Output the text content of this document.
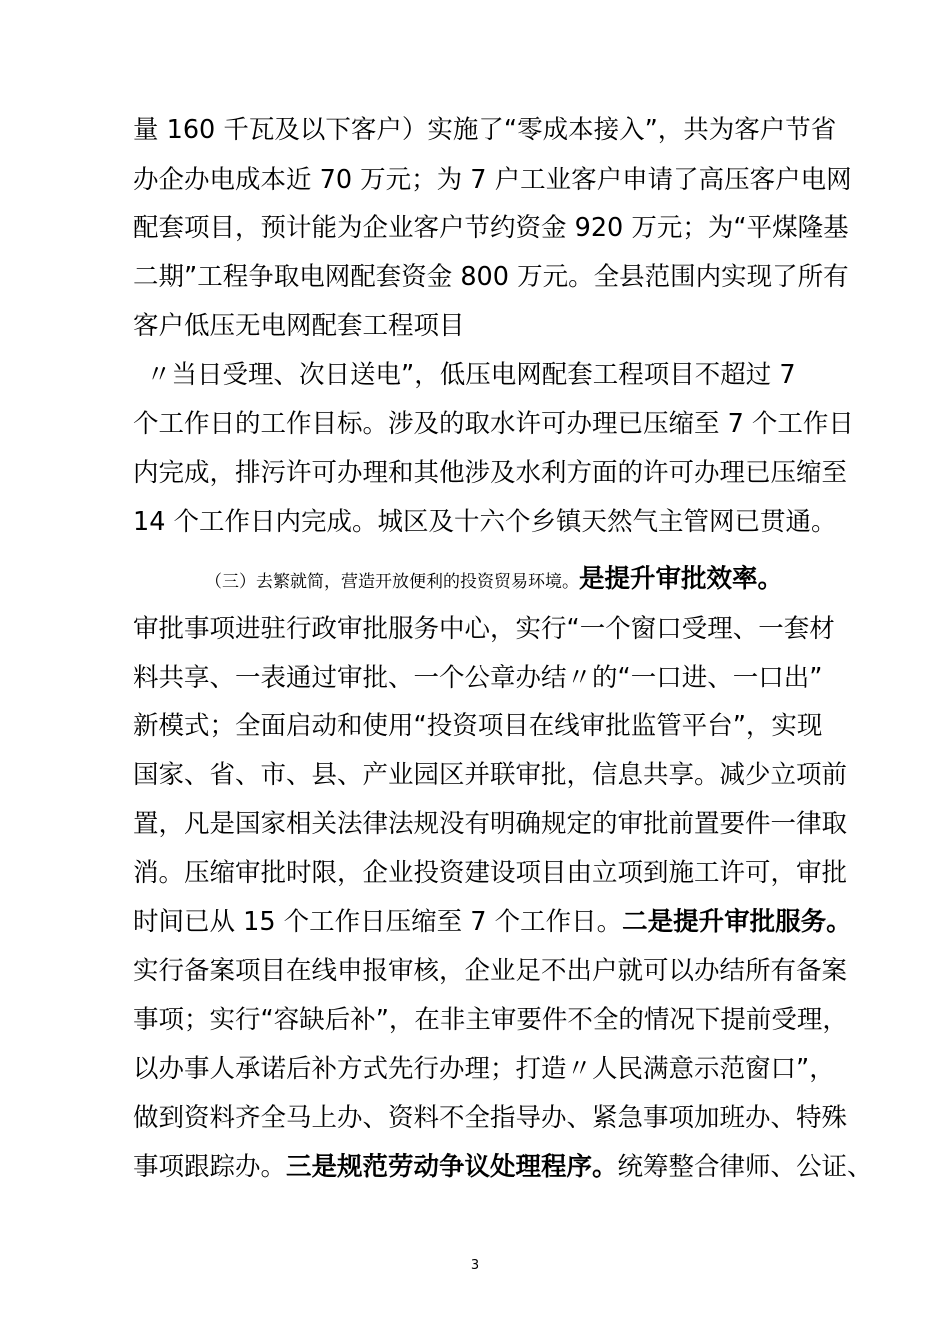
量 160 千瓦及以下客户）实施了“零成本接入”，共为客户节省
办企办电成本近 70 万元；为 7 户工业客户申请了高压客户电网
配套项目，预计能为企业客户节约资金 920 万元；为“平煤隆基
二期”工程争取电网配套资金 800 万元。全县范围内实现了所有
客户低压无电网配套工程项目
〃当日受理、次日送电”，低压电网配套工程项目不超过 7
个工作日的工作目标。涉及的取水许可办理已压缩至 7 个工作日
内完成，排污许可办理和其他涉及水利方面的许可办理已压缩至
14 个工作日内完成。城区及十六个乡镇天然气主管网已贯通。
（三）去繁就简，营造开放便利的投资贸易环境。是提升审批效率。
审批事项进驻行政审批服务中心，实行“一个窗口受理、一套材
料共享、一表通过审批、一个公章办结〃的“一口进、一口出”
新模式；全面启动和使用“投资项目在线审批监管平台”，实现
国家、省、市、县、产业园区并联审批，信息共享。减少立项前
置，凡是国家相关法律法规没有明确规定的审批前置要件一律取
消。压缩审批时限，企业投资建设项目由立项到施工许可，审批
时间已从 15 个工作日压缩至 7 个工作日。二是提升审批服务。
实行备案项目在线申报审核，企业足不出户就可以办结所有备案
事项；实行“容缺后补”，在非主审要件不全的情况下提前受理，
以办事人承诺后补方式先行办理；打造〃人民满意示范窗口”，
做到资料齐全马上办、资料不全指导办、紧急事项加班办、特殊
事项跟踪办。三是规范劳动争议处理程序。统筹整合律师、公证、
3
